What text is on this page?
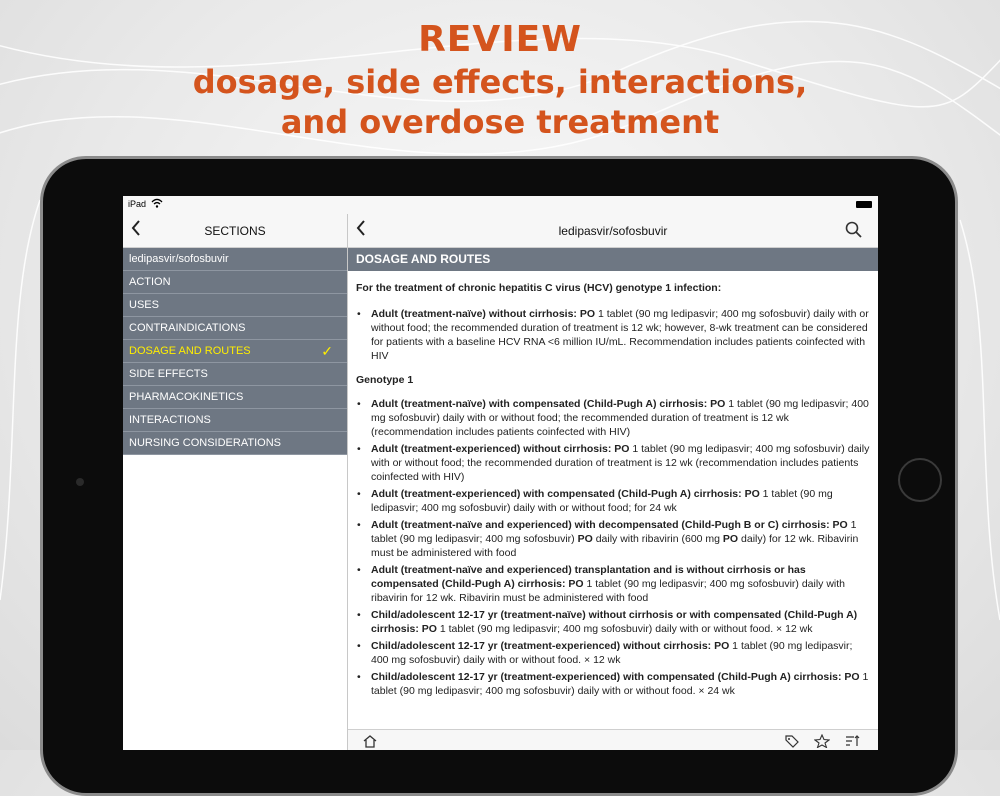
REVIEW
dosage, side effects, interactions,
and overdose treatment
iPad
SECTIONS
ledipasvir/sofosbuvir
ACTION
USES
CONTRAINDICATIONS
DOSAGE AND ROUTES	✓
SIDE EFFECTS
PHARMACOKINETICS
INTERACTIONS
NURSING CONSIDERATIONS
ledipasvir/sofosbuvir
DOSAGE AND ROUTES

For the treatment of chronic hepatitis C virus (HCV) genotype 1 infection:

• Adult (treatment-naïve) without cirrhosis: PO 1 tablet (90 mg ledipasvir; 400 mg sofosbuvir) daily with or without food; the recommended duration of treatment is 12 wk; however, 8-wk treatment can be considered for patients with a baseline HCV RNA <6 million IU/mL. Recommendation includes patients coinfected with HIV

Genotype 1

• Adult (treatment-naïve) with compensated (Child-Pugh A) cirrhosis: PO 1 tablet (90 mg ledipasvir; 400 mg sofosbuvir) daily with or without food; the recommended duration of treatment is 12 wk (recommendation includes patients coinfected with HIV)
• Adult (treatment-experienced) without cirrhosis: PO 1 tablet (90 mg ledipasvir; 400 mg sofosbuvir) daily with or without food; the recommended duration of treatment is 12 wk (recommendation includes patients coinfected with HIV)
• Adult (treatment-experienced) with compensated (Child-Pugh A) cirrhosis: PO 1 tablet (90 mg ledipasvir; 400 mg sofosbuvir) daily with or without food; for 24 wk
• Adult (treatment-naïve and experienced) with decompensated (Child-Pugh B or C) cirrhosis: PO 1 tablet (90 mg ledipasvir; 400 mg sofosbuvir) PO daily with ribavirin (600 mg PO daily) for 12 wk. Ribavirin must be administered with food
• Adult (treatment-naïve and experienced) transplantation and is without cirrhosis or has compensated (Child-Pugh A) cirrhosis: PO 1 tablet (90 mg ledipasvir; 400 mg sofosbuvir) daily with ribavirin for 12 wk. Ribavirin must be administered with food
• Child/adolescent 12-17 yr (treatment-naïve) without cirrhosis or with compensated (Child-Pugh A) cirrhosis: PO 1 tablet (90 mg ledipasvir; 400 mg sofosbuvir) daily with or without food. × 12 wk
• Child/adolescent 12-17 yr (treatment-experienced) without cirrhosis: PO 1 tablet (90 mg ledipasvir; 400 mg sofosbuvir) daily with or without food. × 12 wk
• Child/adolescent 12-17 yr (treatment-experienced) with compensated (Child-Pugh A) cirrhosis: PO 1 tablet (90 mg ledipasvir; 400 mg sofosbuvir) daily with or without food. × 24 wk
